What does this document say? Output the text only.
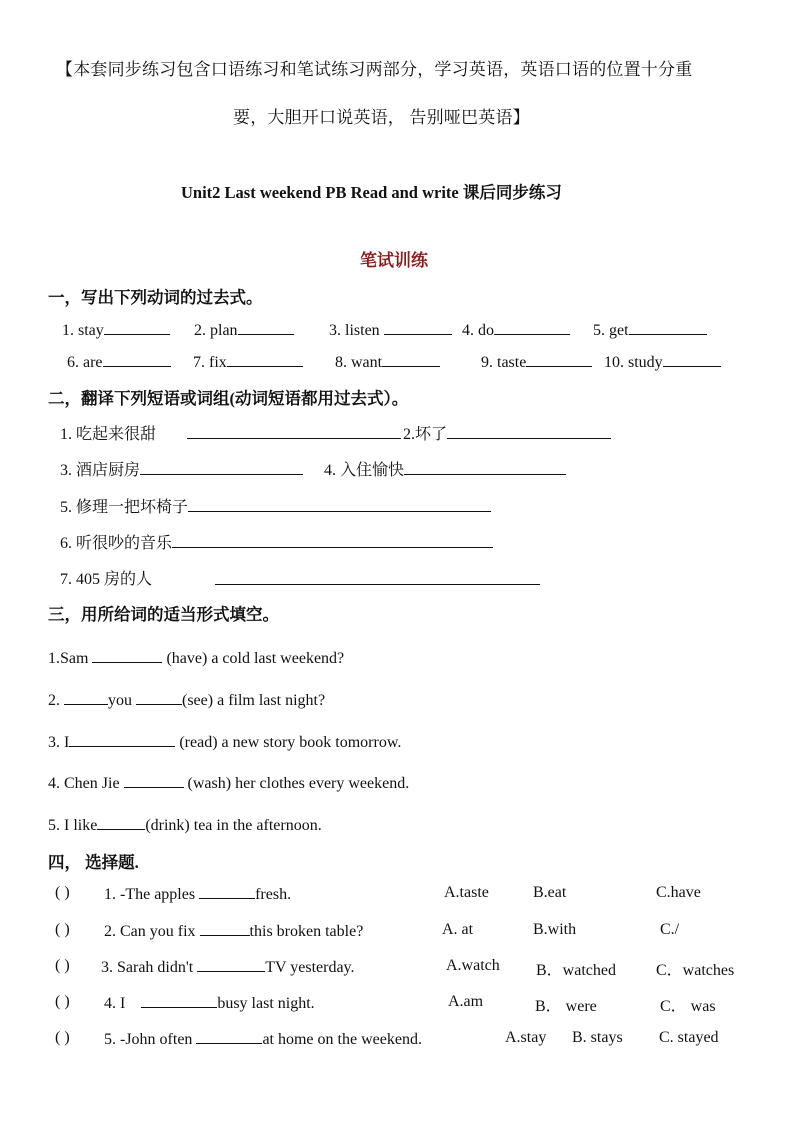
【本套同步练习包含口语练习和笔试练习两部分，学习英语，英语口语的位置十分重
要，大胆开口说英语， 告别哑巴英语】
Unit2 Last weekend PB Read and write 课后同步练习
笔试训练
一，写出下列动词的过去式。
1. stay	2. plan	3. listen	4. do	5. get
6. are	7. fix	8. want	9. taste	10. study
二，翻译下列短语或词组(动词短语都用过去式）。
1. 吃起来很甜	2.坏了
3. 酒店厨房	4. 入住愉快
5. 修理一把坏椅子
6. 听很吵的音乐
7. 405 房的人
三，用所给词的适当形式填空。
1.Sam	(have) a cold last weekend?
2.	you	(see) a film last night?
3. I	(read) a new story book tomorrow.
4. Chen Jie	(wash) her clothes every weekend.
5. I like	(drink) tea in the afternoon.
四， 选择题.
( ) 1. -The apples	fresh.	A.taste	B.eat	C.have
( ) 2. Can you fix	this broken table?	A. at	B.with	C./
( ) 3. Sarah didn't	TV yesterday.	A.watch B．watched	C．watches
( ) 4. I	busy last night.	A.am	B． were	C． was
( ) 5. -John often	at home on the weekend.	A.stay B. stays C. stayed
